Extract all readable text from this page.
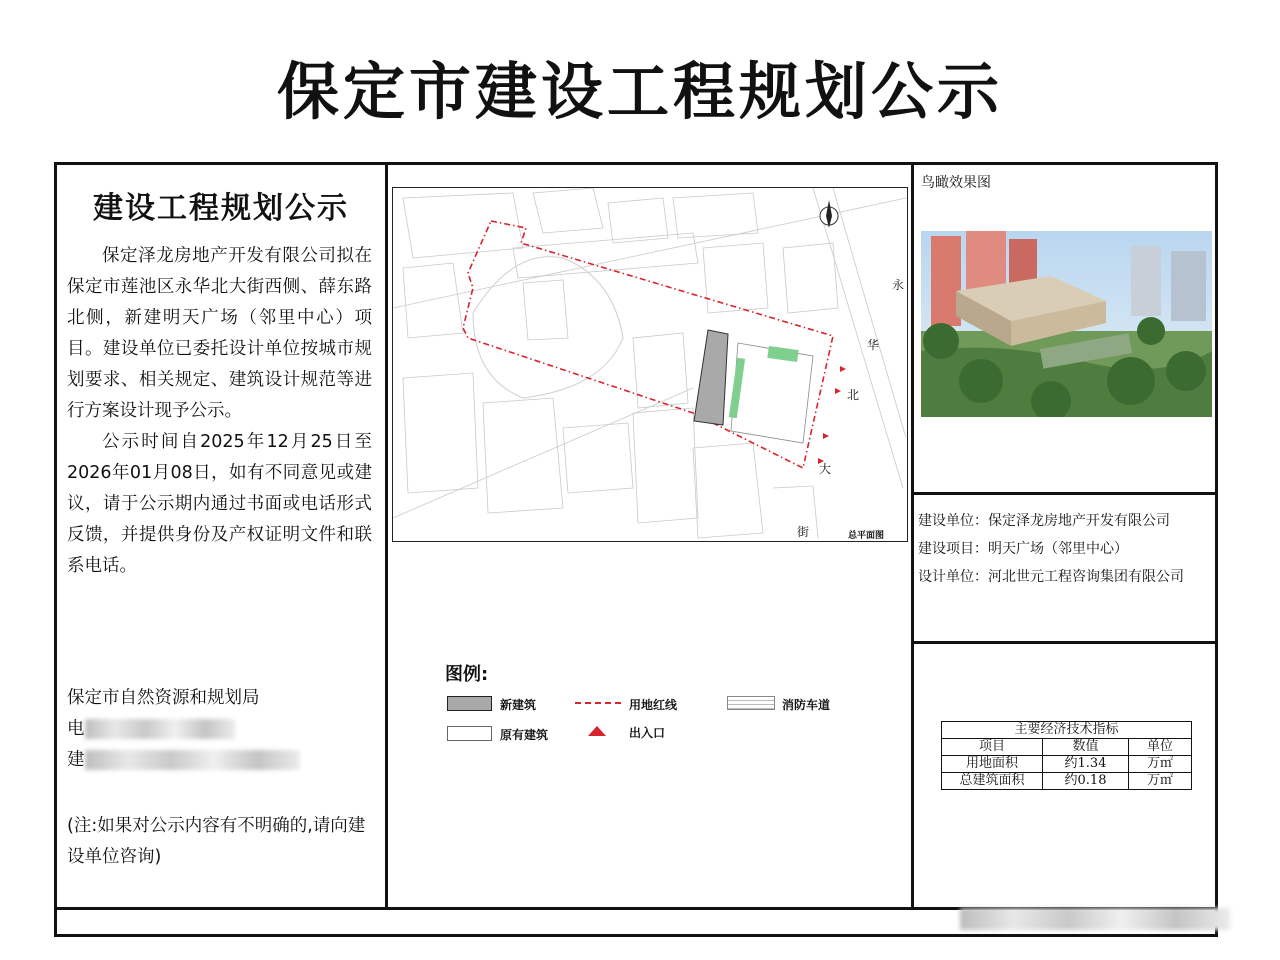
保定市建设工程规划公示
建设工程规划公示

保定泽龙房地产开发有限公司拟在保定市莲池区永华北大街西侧、薛东路北侧，新建明天广场（邻里中心）项目。建设单位已委托设计单位按城市规划要求、相关规定、建筑设计规范等进行方案设计现予公示。

公示时间自2025年12月25日至2026年01月08日，如有不同意见或建议，请于公示期内通过书面或电话形式反馈，并提供身份及产权证明文件和联系电话。

保定市自然资源和规划局
电
建
(注:如果对公示内容有不明确的,请向建设单位咨询)
永
华
北
大
街	总平面图
图例:
新建筑	用地红线	消防车道
原有建筑	出入口
鸟瞰效果图
建设单位：保定泽龙房地产开发有限公司
建设项目：明天广场（邻里中心）
设计单位：河北世元工程咨询集团有限公司
主要经济技术指标		
项目	数值	单位
用地面积	约1.34	万㎡
总建筑面积	约0.18	万㎡
